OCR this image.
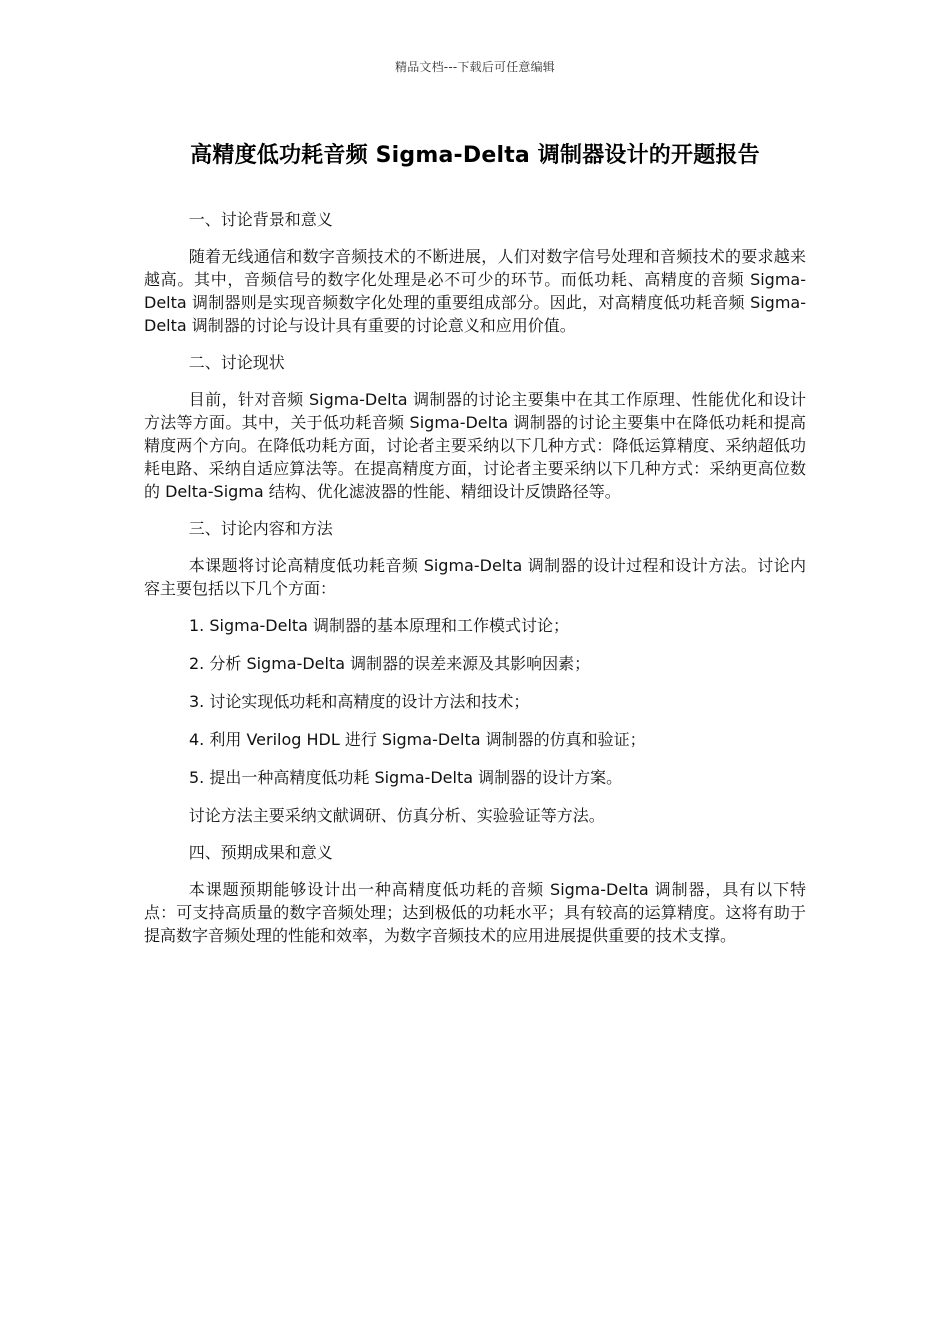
精品文档---下载后可任意编辑
高精度低功耗音频 Sigma-Delta 调制器设计的开题报告

一、讨论背景和意义

随着无线通信和数字音频技术的不断进展，人们对数字信号处理和音频技术的要求越来越高。其中，音频信号的数字化处理是必不可少的环节。而低功耗、高精度的音频 Sigma-Delta 调制器则是实现音频数字化处理的重要组成部分。因此，对高精度低功耗音频 Sigma-Delta 调制器的讨论与设计具有重要的讨论意义和应用价值。

二、讨论现状

目前，针对音频 Sigma-Delta 调制器的讨论主要集中在其工作原理、性能优化和设计方法等方面。其中，关于低功耗音频 Sigma-Delta 调制器的讨论主要集中在降低功耗和提高精度两个方向。在降低功耗方面，讨论者主要采纳以下几种方式：降低运算精度、采纳超低功耗电路、采纳自适应算法等。在提高精度方面，讨论者主要采纳以下几种方式：采纳更高位数的 Delta-Sigma 结构、优化滤波器的性能、精细设计反馈路径等。

三、讨论内容和方法

本课题将讨论高精度低功耗音频 Sigma-Delta 调制器的设计过程和设计方法。讨论内容主要包括以下几个方面：

1. Sigma-Delta 调制器的基本原理和工作模式讨论；
2. 分析 Sigma-Delta 调制器的误差来源及其影响因素；
3. 讨论实现低功耗和高精度的设计方法和技术；
4. 利用 Verilog HDL 进行 Sigma-Delta 调制器的仿真和验证；
5. 提出一种高精度低功耗 Sigma-Delta 调制器的设计方案。

讨论方法主要采纳文献调研、仿真分析、实验验证等方法。

四、预期成果和意义

本课题预期能够设计出一种高精度低功耗的音频 Sigma-Delta 调制器，具有以下特点：可支持高质量的数字音频处理；达到极低的功耗水平；具有较高的运算精度。这将有助于提高数字音频处理的性能和效率，为数字音频技术的应用进展提供重要的技术支撑。
